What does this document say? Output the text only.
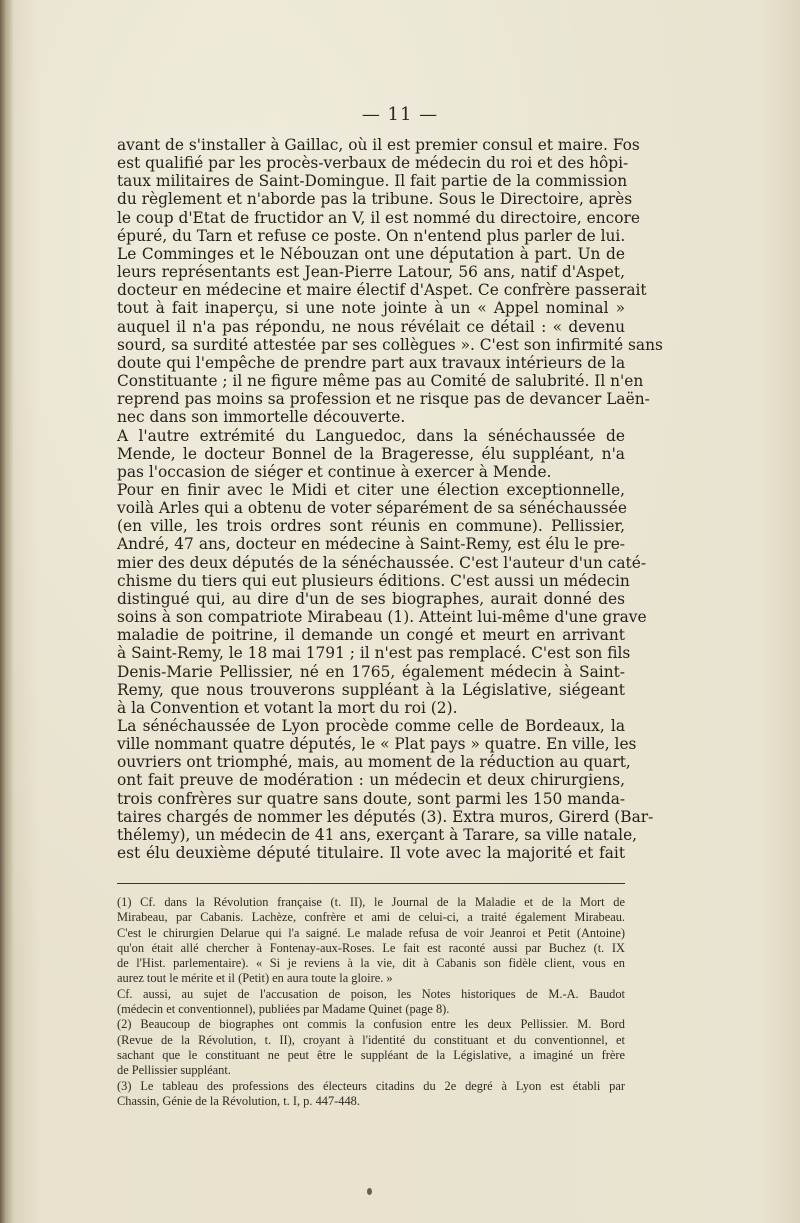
— 11 —
avant de s'installer à Gaillac, où il est premier consul et maire. Fos
est qualifié par les procès-verbaux de médecin du roi et des hôpi-
taux militaires de Saint-Domingue. Il fait partie de la commission
du règlement et n'aborde pas la tribune. Sous le Directoire, après
le coup d'Etat de fructidor an V, il est nommé du directoire, encore
épuré, du Tarn et refuse ce poste. On n'entend plus parler de lui.
Le Comminges et le Nébouzan ont une députation à part. Un de
leurs représentants est Jean-Pierre Latour, 56 ans, natif d'Aspet,
docteur en médecine et maire électif d'Aspet. Ce confrère passerait
tout à fait inaperçu, si une note jointe à un « Appel nominal »
auquel il n'a pas répondu, ne nous révélait ce détail : « devenu
sourd, sa surdité attestée par ses collègues ». C'est son infirmité sans
doute qui l'empêche de prendre part aux travaux intérieurs de la
Constituante ; il ne figure même pas au Comité de salubrité. Il n'en
reprend pas moins sa profession et ne risque pas de devancer Laën-
nec dans son immortelle découverte.
A l'autre extrémité du Languedoc, dans la sénéchaussée de
Mende, le docteur Bonnel de la Brageresse, élu suppléant, n'a
pas l'occasion de siéger et continue à exercer à Mende.
Pour en finir avec le Midi et citer une élection exceptionnelle,
voilà Arles qui a obtenu de voter séparément de sa sénéchaussée
(en ville, les trois ordres sont réunis en commune). Pellissier,
André, 47 ans, docteur en médecine à Saint-Remy, est élu le pre-
mier des deux députés de la sénéchaussée. C'est l'auteur d'un caté-
chisme du tiers qui eut plusieurs éditions. C'est aussi un médecin
distingué qui, au dire d'un de ses biographes, aurait donné des
soins à son compatriote Mirabeau (1). Atteint lui-même d'une grave
maladie de poitrine, il demande un congé et meurt en arrivant
à Saint-Remy, le 18 mai 1791 ; il n'est pas remplacé. C'est son fils
Denis-Marie Pellissier, né en 1765, également médecin à Saint-
Remy, que nous trouverons suppléant à la Législative, siégeant
à la Convention et votant la mort du roi (2).
La sénéchaussée de Lyon procède comme celle de Bordeaux, la
ville nommant quatre députés, le « Plat pays » quatre. En ville, les
ouvriers ont triomphé, mais, au moment de la réduction au quart,
ont fait preuve de modération : un médecin et deux chirurgiens,
trois confrères sur quatre sans doute, sont parmi les 150 manda-
taires chargés de nommer les députés (3). Extra muros, Girerd (Bar-
thélemy), un médecin de 41 ans, exerçant à Tarare, sa ville natale,
est élu deuxième député titulaire. Il vote avec la majorité et fait
(1) Cf. dans la Révolution française (t. II), le Journal de la Maladie et de la Mort de
Mirabeau, par Cabanis. Lachèze, confrère et ami de celui-ci, a traité également Mirabeau.
C'est le chirurgien Delarue qui l'a saigné. Le malade refusa de voir Jeanroi et Petit (Antoine)
qu'on était allé chercher à Fontenay-aux-Roses. Le fait est raconté aussi par Buchez (t. IX
de l'Hist. parlementaire). « Si je reviens à la vie, dit à Cabanis son fidèle client, vous en
aurez tout le mérite et il (Petit) en aura toute la gloire. »
Cf. aussi, au sujet de l'accusation de poison, les Notes historiques de M.-A. Baudot
(médecin et conventionnel), publiées par Madame Quinet (page 8).
(2) Beaucoup de biographes ont commis la confusion entre les deux Pellissier. M. Bord
(Revue de la Révolution, t. II), croyant à l'identité du constituant et du conventionnel, et
sachant que le constituant ne peut être le suppléant de la Législative, a imaginé un frère
de Pellissier suppléant.
(3) Le tableau des professions des électeurs citadins du 2e degré à Lyon est établi par
Chassin, Génie de la Révolution, t. I, p. 447-448.
